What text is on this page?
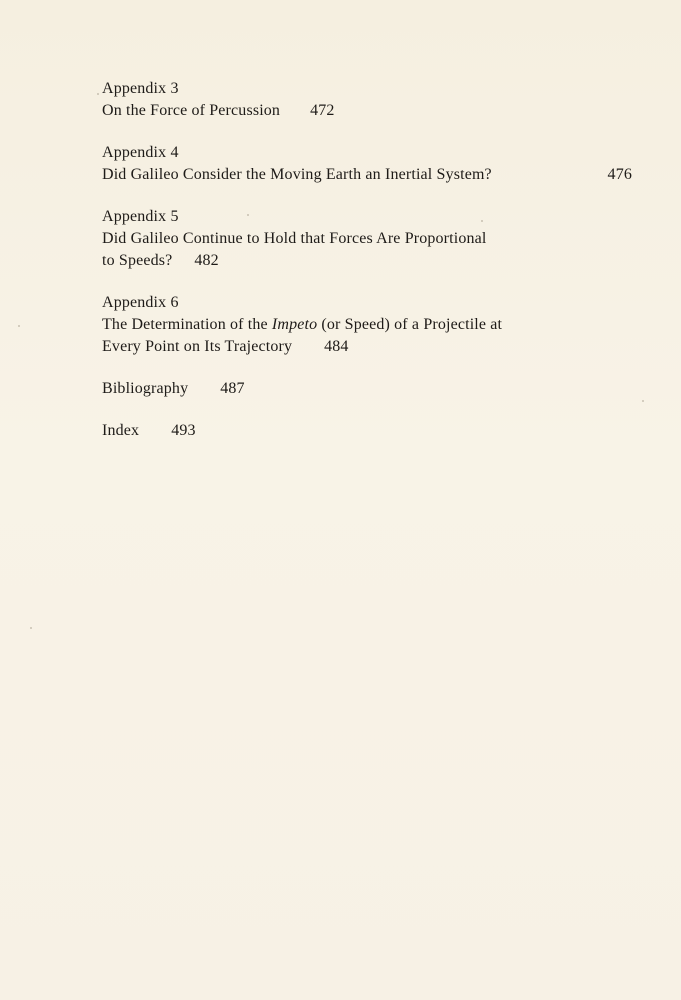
Appendix 3
On the Force of Percussion 472
Appendix 4
Did Galileo Consider the Moving Earth an Inertial System?	476
Appendix 5
Did Galileo Continue to Hold that Forces Are Proportional
to Speeds? 482
Appendix 6
The Determination of the Impeto (or Speed) of a Projectile at
Every Point on Its Trajectory 484
Bibliography 487
Index 493
